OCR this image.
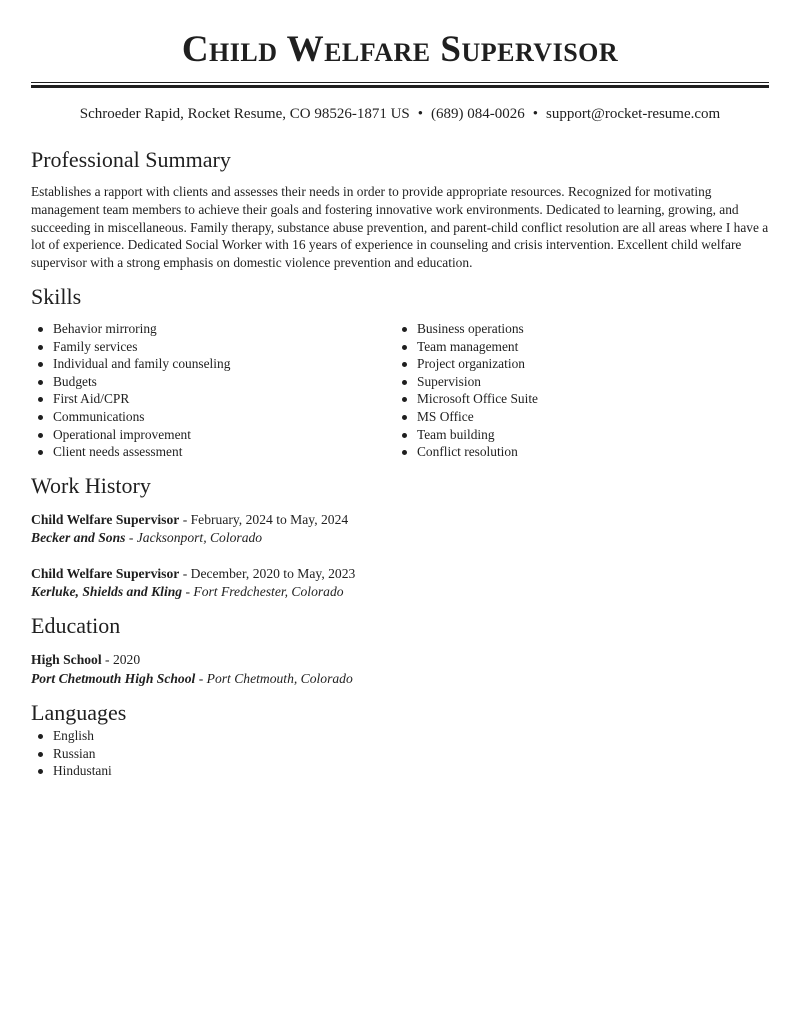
Child Welfare Supervisor
Schroeder Rapid, Rocket Resume, CO 98526-1871 US • (689) 084-0026 • support@rocket-resume.com
Professional Summary
Establishes a rapport with clients and assesses their needs in order to provide appropriate resources. Recognized for motivating management team members to achieve their goals and fostering innovative work environments. Dedicated to learning, growing, and succeeding in miscellaneous. Family therapy, substance abuse prevention, and parent-child conflict resolution are all areas where I have a lot of experience. Dedicated Social Worker with 16 years of experience in counseling and crisis intervention. Excellent child welfare supervisor with a strong emphasis on domestic violence prevention and education.
Skills
Behavior mirroring
Family services
Individual and family counseling
Budgets
First Aid/CPR
Communications
Operational improvement
Client needs assessment
Business operations
Team management
Project organization
Supervision
Microsoft Office Suite
MS Office
Team building
Conflict resolution
Work History
Child Welfare Supervisor - February, 2024 to May, 2024
Becker and Sons - Jacksonport, Colorado
Child Welfare Supervisor - December, 2020 to May, 2023
Kerluke, Shields and Kling - Fort Fredchester, Colorado
Education
High School - 2020
Port Chetmouth High School - Port Chetmouth, Colorado
Languages
English
Russian
Hindustani
